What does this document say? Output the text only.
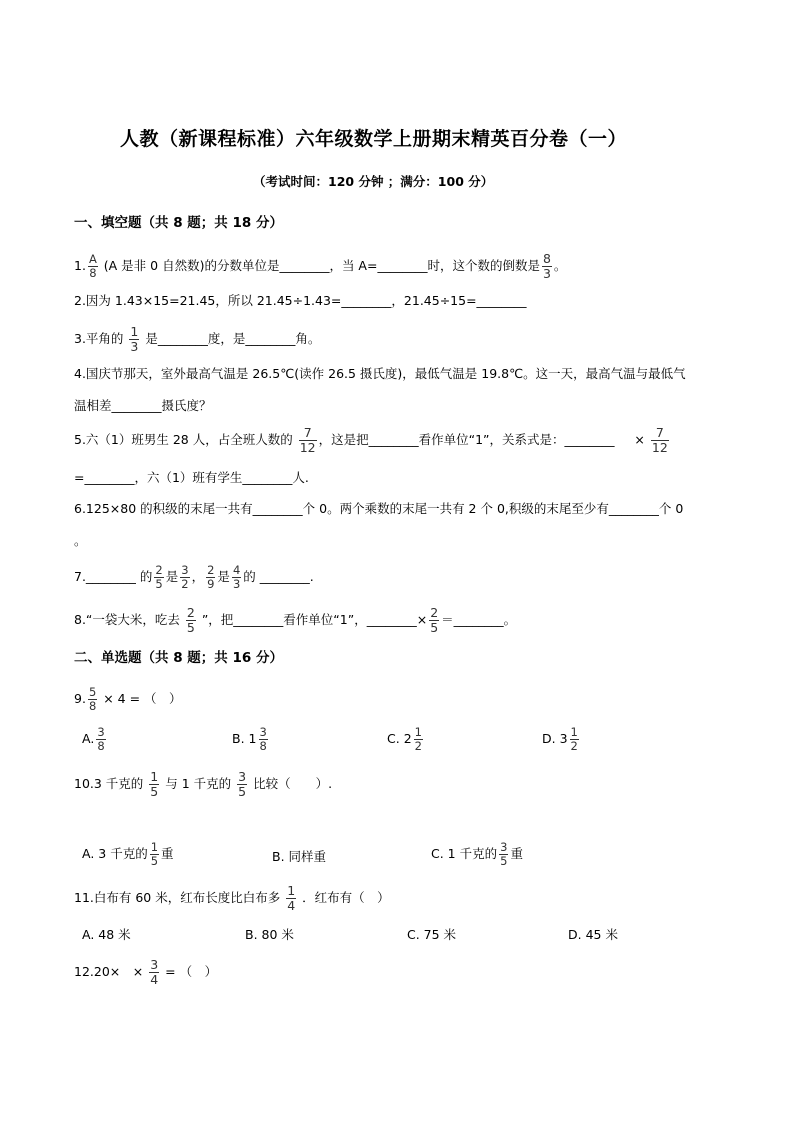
人教（新课程标准）六年级数学上册期末精英百分卷（一）
（考试时间：120 分钟 ；满分：100 分）
一、填空题（共 8 题；共 18 分）
1. $\frac{A}{8} (A$ 是非 0 自然数)的分数单位是________，当 A=________时，这个数的倒数是 $\frac{8}{3}$ 。
2.因为 1.43×15=21.45，所以 21.45÷1.43=________，21.45÷15=________
3.平角的 $\frac{1}{3}$ 是________度，是________角。
4.国庆节那天，室外最高气温是 26.5℃(读作 26.5 摄氏度)，最低气温是 19.8℃。这一天，最高气温与最低气
温相差________摄氏度？
5.六（1）班男生 28 人，占全班人数的 $\frac{7}{12}$ ，这是把________看作单位“1”，关系式是：________ × $\frac{7}{12}$
=________，六（1）班有学生________人.
6.125×80 的积级的末尾一共有________个 0。两个乘数的末尾一共有 2 个 0,积级的末尾至少有________个 0
。
7.________ 的 $\frac{2}{5}$ 是 $\frac{3}{2}$ ， $\frac{2}{9}$ 是 $\frac{4}{3}$ 的 ________.
8.“一袋大米，吃去 $\frac{2}{5}$ ”，把________看作单位“1”，________× $\frac{2}{5}$ ＝________。
二、单选题（共 8 题；共 16 分）
9. $\frac{5}{8} \times 4$ = （　）
A. $\frac{3}{8}$	B. $1 \frac{3}{8}$	C. $2 \frac{1}{2}$	D. $3 \frac{1}{2}$
10.3 千克的 $\frac{1}{5}$ 与 1 千克的 $\frac{3}{5}$ 比较（　　）.
A. 3 千克的 $\frac{1}{5}$ 重	B. 同样重	C. 1 千克的 $\frac{3}{5}$ 重
11.白布有 60 米，红布长度比白布多 $\frac{1}{4}$ ．红布有（　）
A. 48 米	B. 80 米	C. 75 米	D. 45 米
12.20×　× $\frac{3}{4}$ = （　）
